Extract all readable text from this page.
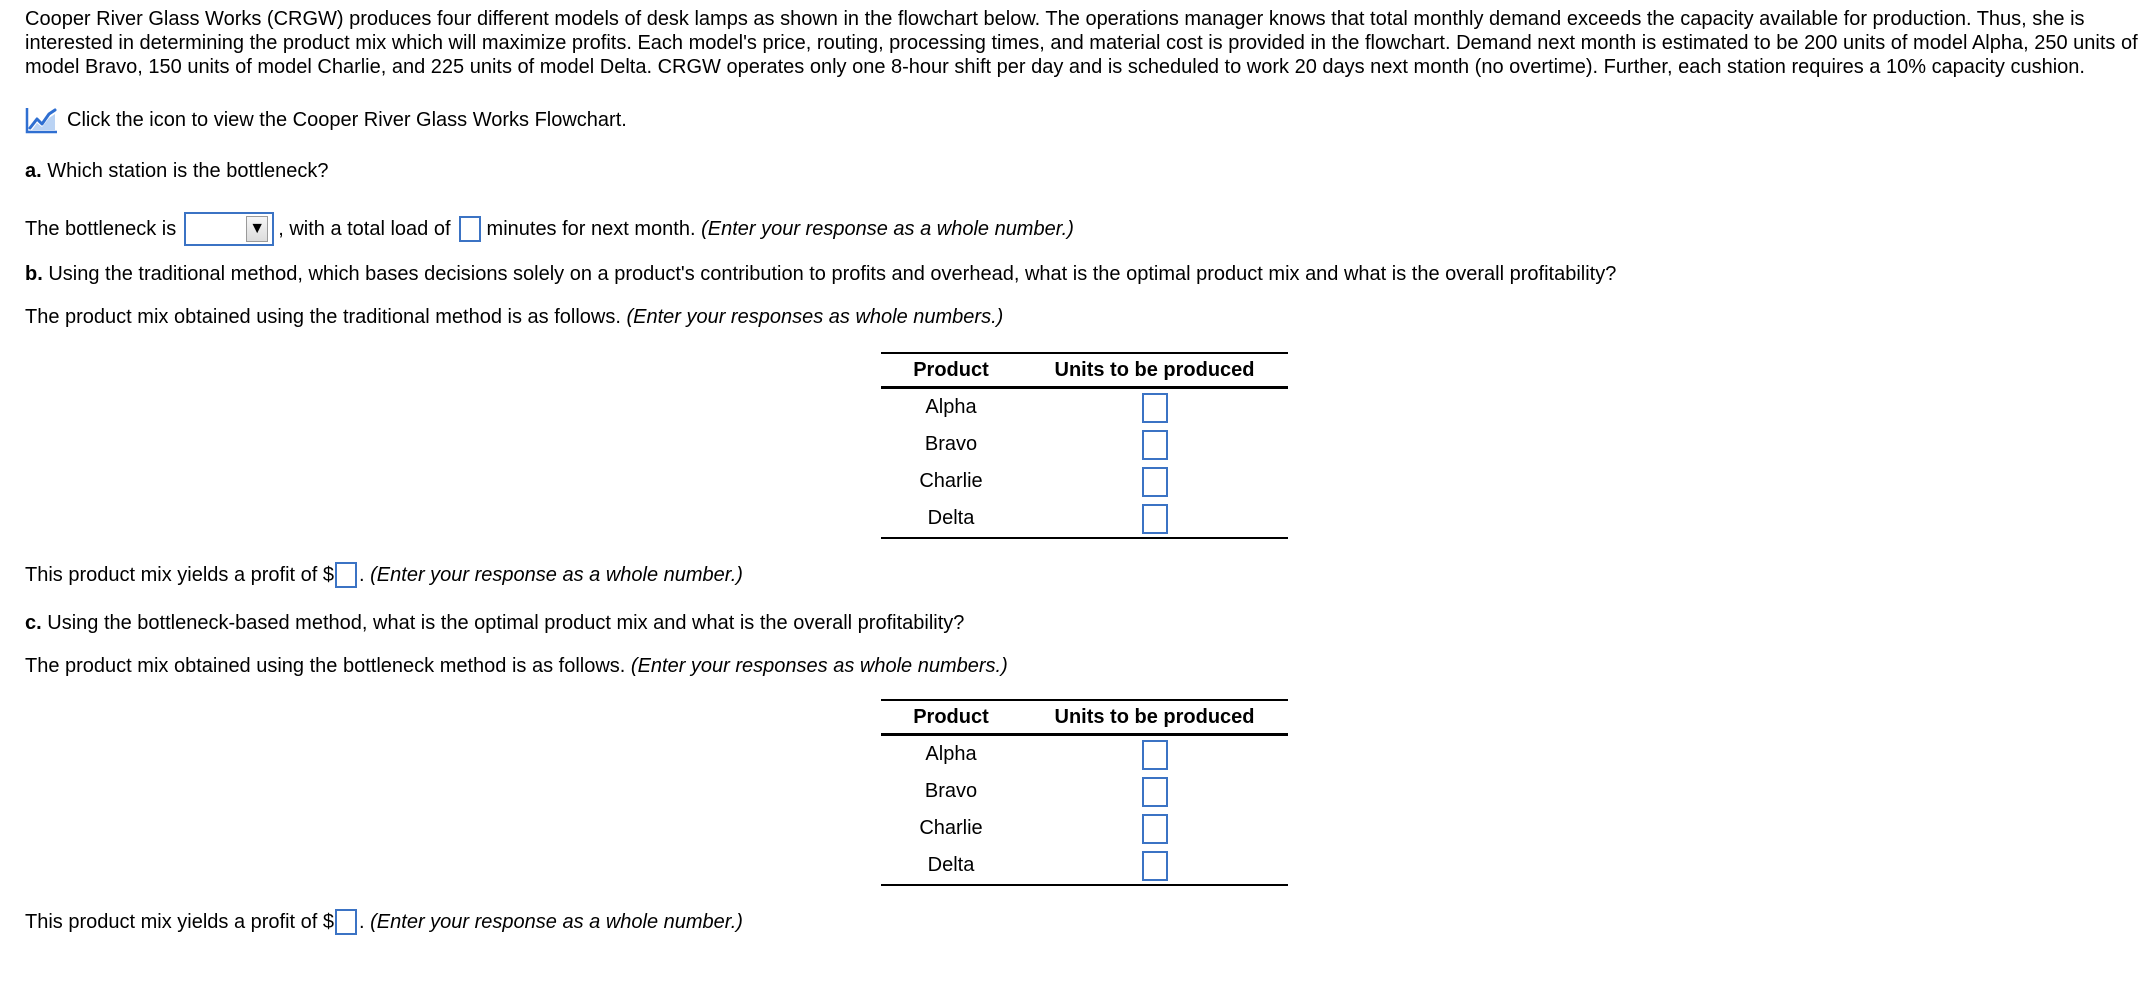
Cooper River Glass Works (CRGW) produces four different models of desk lamps as shown in the flowchart below. The operations manager knows that total monthly demand exceeds the capacity available for production. Thus, she is interested in determining the product mix which will maximize profits. Each model's price, routing, processing times, and material cost is provided in the flowchart. Demand next month is estimated to be 200 units of model Alpha, 250 units of model Bravo, 150 units of model Charlie, and 225 units of model Delta. CRGW operates only one 8-hour shift per day and is scheduled to work 20 days next month (no overtime). Further, each station requires a 10% capacity cushion.

Click the icon to view the Cooper River Glass Works Flowchart.
a.
Which station is the bottleneck?
The bottleneck is	▼ , with a total load of minutes for next month.
(Enter your response as a whole number.)
b.
Using the traditional method, which bases decisions solely on a product's contribution to profits and overhead, what is the optimal product mix and what is the overall profitability?
The product mix obtained using the traditional method is as follows.
(Enter your responses as whole numbers.)
Product	Units to be produced
Alpha
Bravo
Charlie
Delta
This product mix yields a profit of $ .
(Enter your response as a whole number.)
c.
Using the bottleneck-based method, what is the optimal product mix and what is the overall profitability?
The product mix obtained using the bottleneck method is as follows.
(Enter your responses as whole numbers.)
Product	Units to be produced
Alpha
Bravo
Charlie
Delta
This product mix yields a profit of $ .
(Enter your response as a whole number.)
